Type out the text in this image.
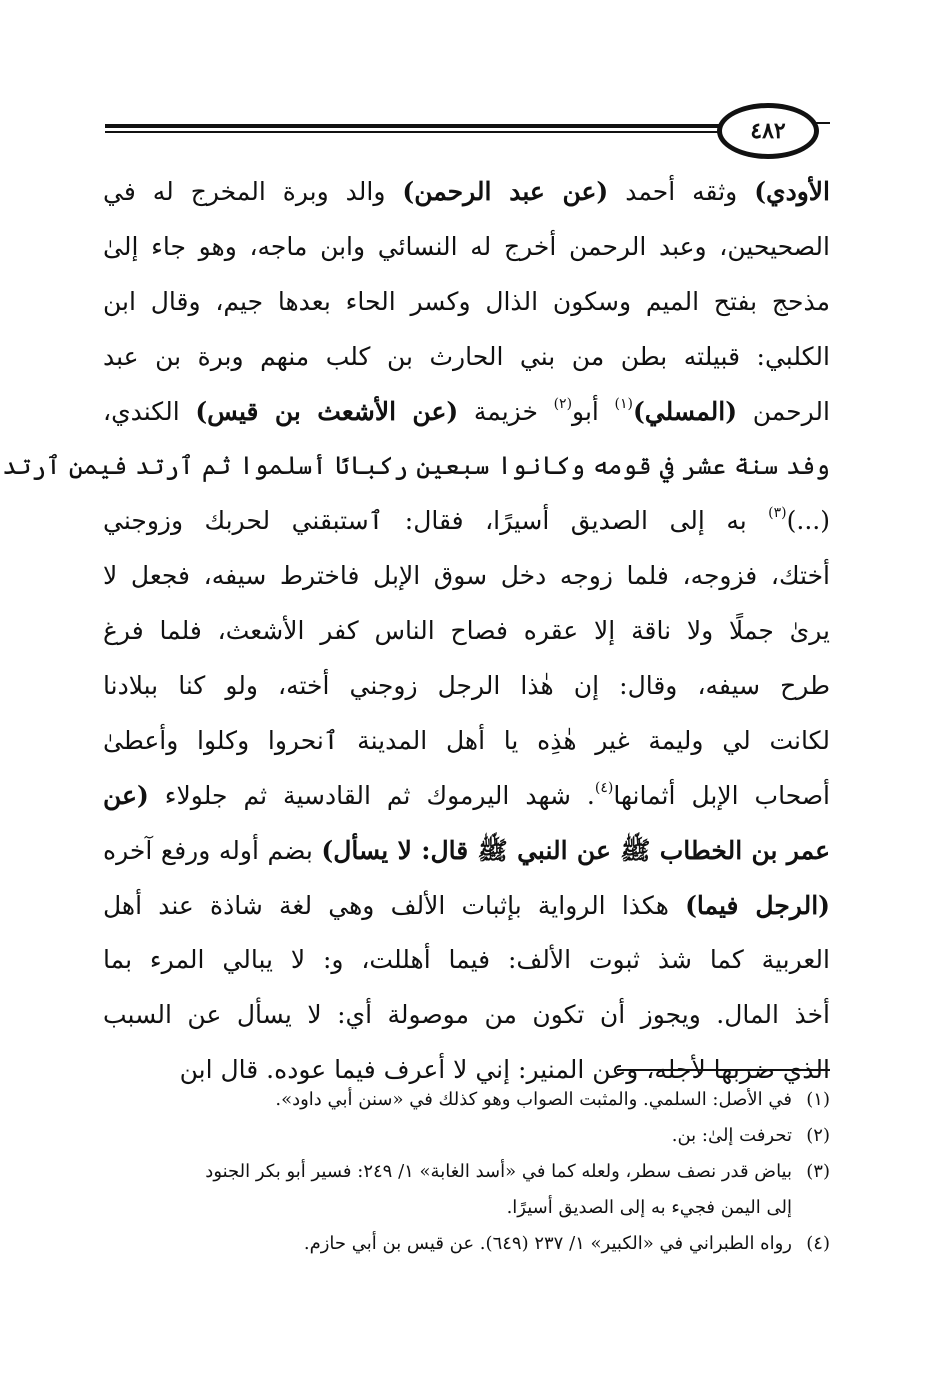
٤٨٢
الأودي) وثقه أحمد (عن عبد الرحمن) والد وبرة المخرج له في
الصحيحين، وعبد الرحمن أخرج له النسائي وابن ماجه، وهو جاء إلىٰ
مذحج بفتح الميم وسكون الذال وكسر الحاء بعدها جيم، وقال ابن
الكلبي: قبيلته بطن من بني الحارث بن كلب منهم وبرة بن عبد
الرحمن (المسلي)$^{(١)}$ أبو$^{(٢)}$ خزيمة (عن الأشعث بن قيس) الكندي،
وفد سنة عشر في قومه وكانوا سبعين ركبانًا أسلموا ثم ٱرتد فيمن ٱرتد
(...)$^{(٣)}$ به إلى الصديق أسيرًا، فقال: ٱستبقني لحربك وزوجني
أختك، فزوجه، فلما زوجه دخل سوق الإبل فاخترط سيفه، فجعل لا
يرىٰ جملًا ولا ناقة إلا عقره فصاح الناس كفر الأشعث، فلما فرغ
طرح سيفه، وقال: إن هٰذا الرجل زوجني أخته، ولو كنا ببلادنا
لكانت لي وليمة غير هٰذِه يا أهل المدينة ٱنحروا وكلوا وأعطىٰ
أصحاب الإبل أثمانها$^{(٤)}$. شهد اليرموك ثم القادسية ثم جلولاء (عن
عمر بن الخطاب ﷺ عن النبي ﷺ قال: لا يسأل) بضم أوله ورفع آخره
(الرجل فيما) هكذا الرواية بإثبات الألف وهي لغة شاذة عند أهل
العربية كما شذ ثبوت الألف: فيما أهللت، و: لا يبالي المرء بما
أخذ المال. ويجوز أن تكون من موصولة أي: لا يسأل عن السبب
الذي ضربها لأجله، وعن المنير: إني لا أعرف فيما عوده. قال ابن
(١)
في الأصل: السلمي. والمثبت الصواب وهو كذلك في «سنن أبي داود».
(٢)
تحرفت إلىٰ: بن.
(٣)
بياض قدر نصف سطر، ولعله كما في «أسد الغابة» ١/ ٢٤٩: فسير أبو بكر الجنود
إلى اليمن فجيء به إلى الصديق أسيرًا.
(٤)
رواه الطبراني في «الكبير» ١/ ٢٣٧ (٦٤٩). عن قيس بن أبي حازم.
